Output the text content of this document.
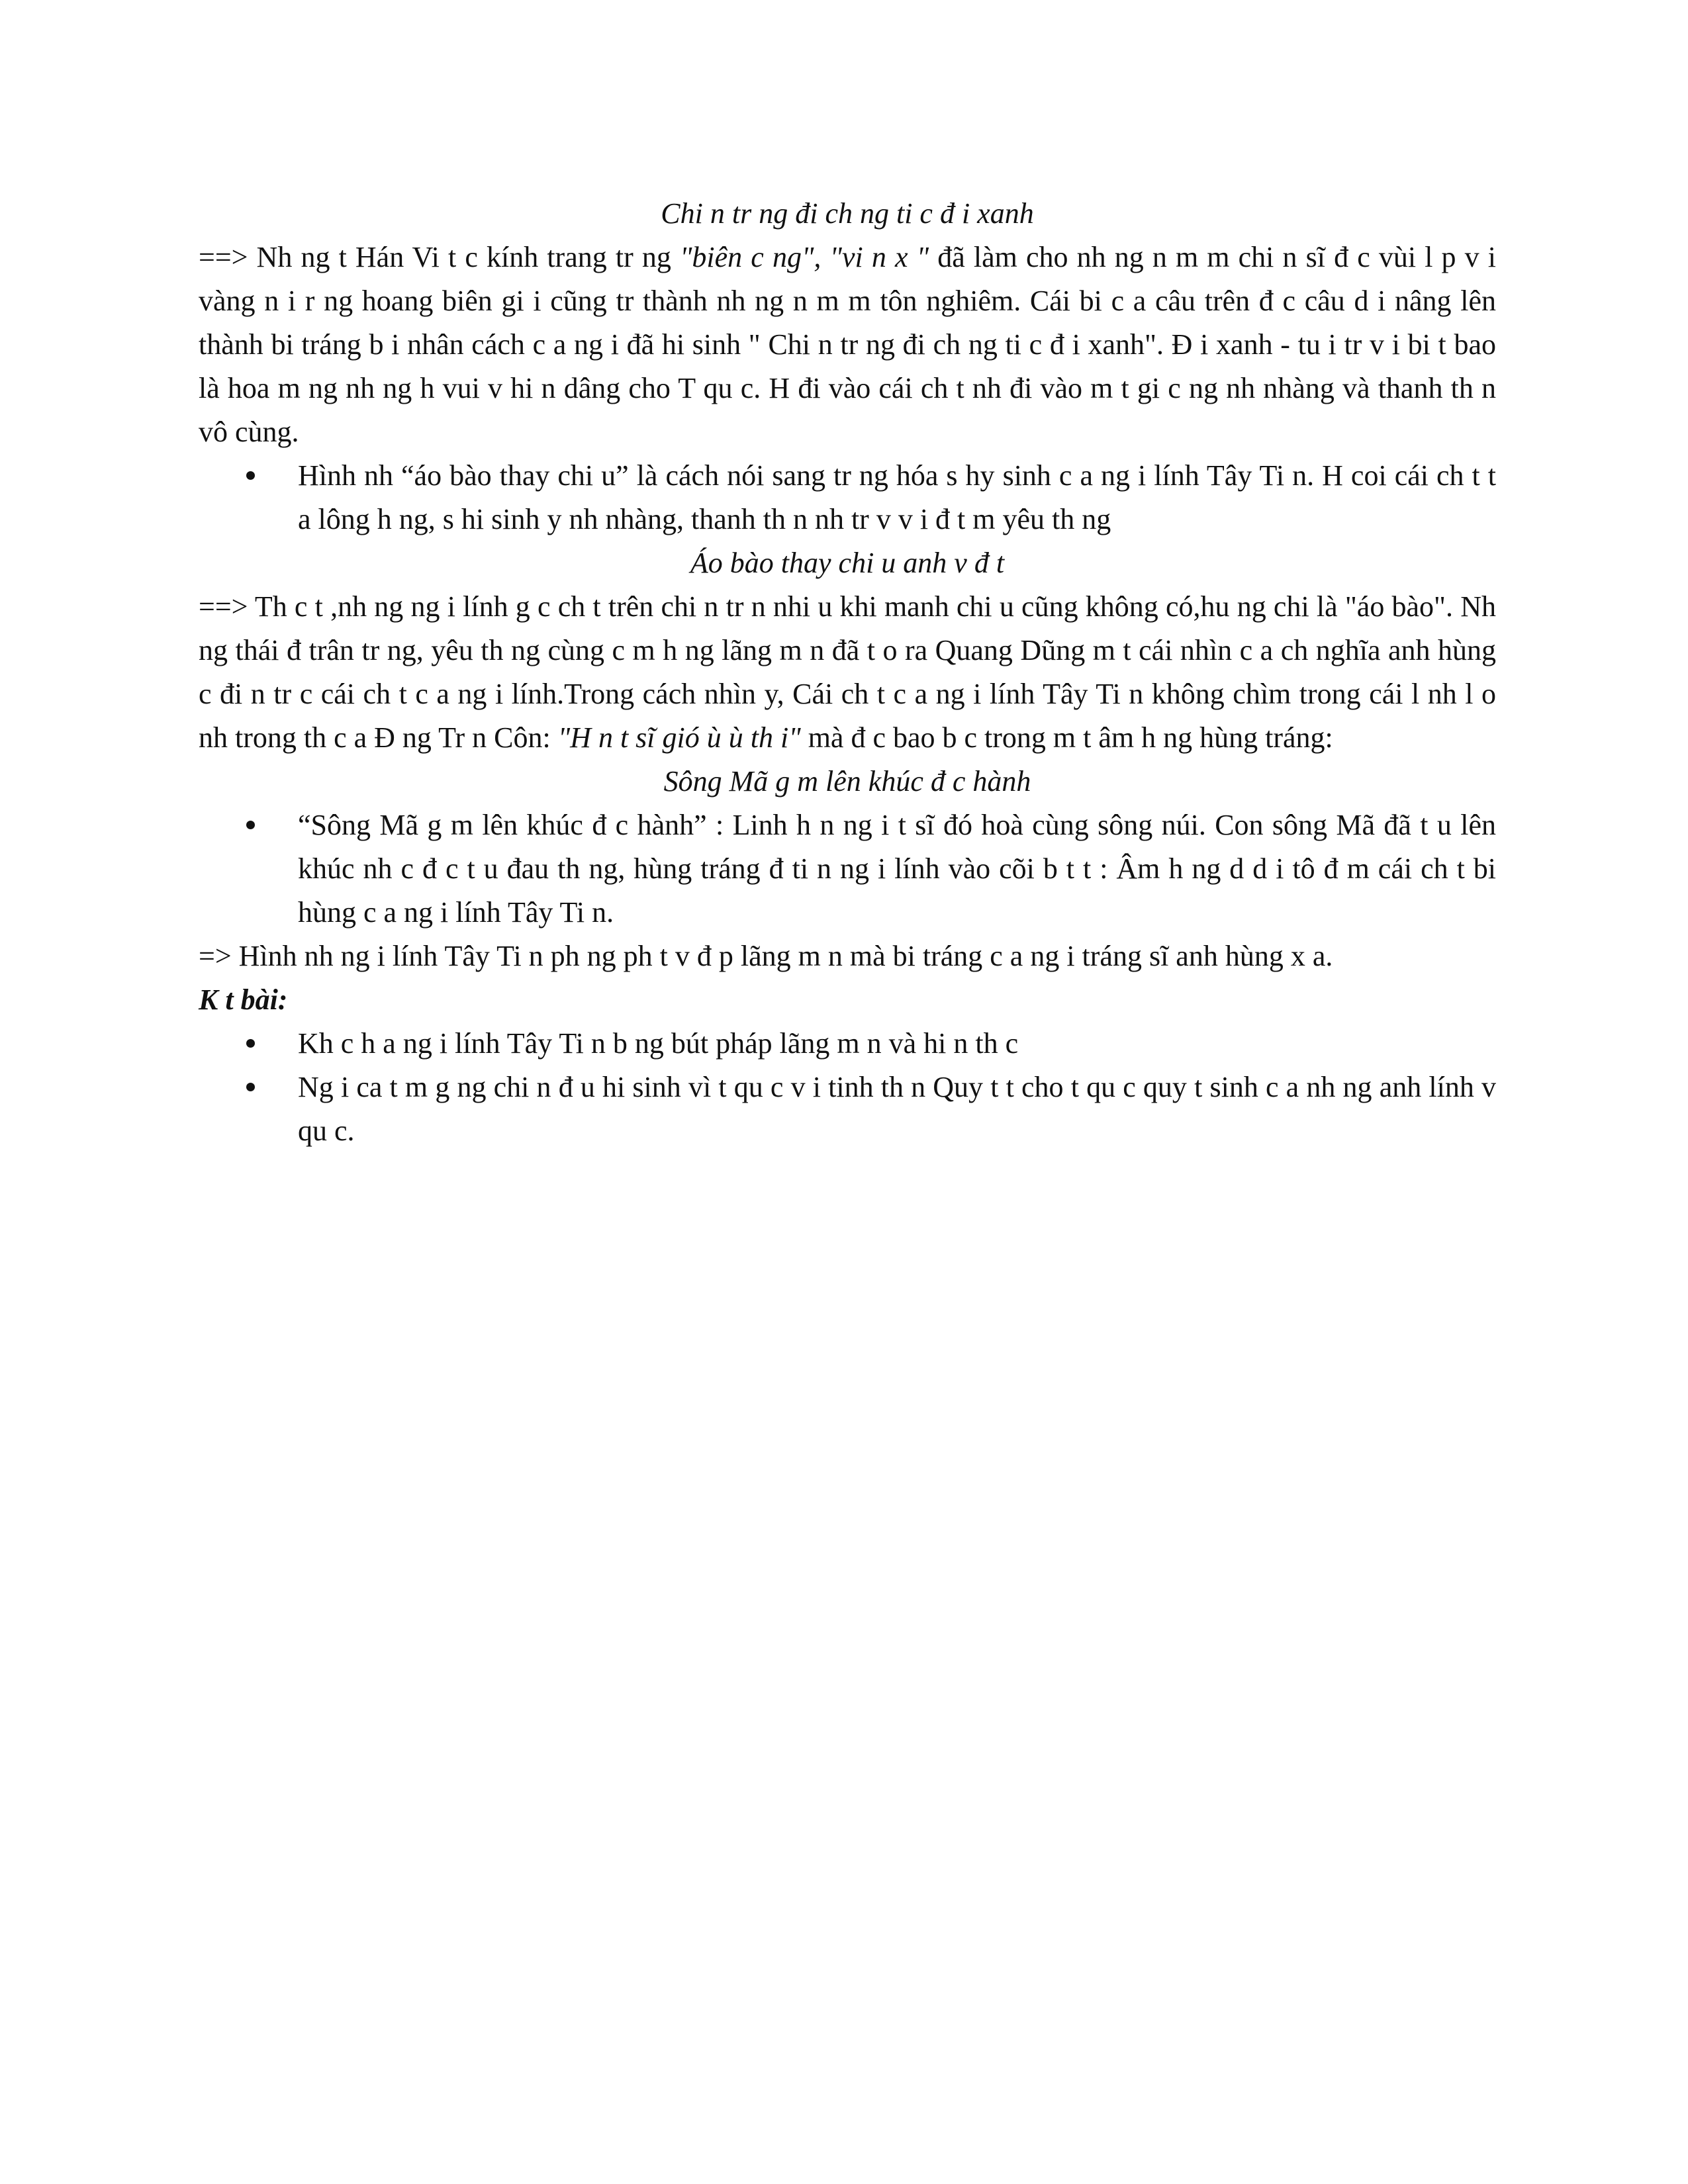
Chi n tr ng đi ch ng ti c đ i xanh

==> Nh ng t Hán Vi t c kính trang tr ng "biên c ng", "vi n x " đã làm cho nh ng n m m chi n sĩ đ c vùi l p v i vàng n i r ng hoang biên gi i cũng tr thành nh ng n m m tôn nghiêm. Cái bi c a câu trên đ c câu d i nâng lên thành bi tráng b i nhân cách c a ng i đã hi sinh " Chi n tr ng đi ch ng ti c đ i xanh". Đ i xanh - tu i tr v i bi t bao là hoa m ng nh ng h vui v hi n dâng cho T qu c. H đi vào cái ch t nh đi vào m t gi c ng nh nhàng và thanh th n vô cùng.

Hình nh “áo bào thay chi u” là cách nói sang tr ng hóa s hy sinh c a ng i lính Tây Ti n. H coi cái ch t t a lông h ng, s hi sinh y nh nhàng, thanh th n nh tr v v i đ t m yêu th ng

Áo bào thay chi u anh v đ t

==> Th c t ,nh ng ng i lính g c ch t trên chi n tr n nhi u khi manh chi u cũng không có,hu ng chi là "áo bào". Nh ng thái đ trân tr ng, yêu th ng cùng c m h ng lãng m n đã t o ra Quang Dũng m t cái nhìn c a ch nghĩa anh hùng c đi n tr c cái ch t c a ng i lính.Trong cách nhìn y, Cái ch t c a ng i lính Tây Ti n không chìm trong cái l nh l o nh trong th c a Đ ng Tr n Côn: "H n t sĩ gió ù ù th i" mà đ c bao b c trong m t âm h ng hùng tráng:

Sông Mã g m lên khúc đ c hành

“Sông Mã g m lên khúc đ c hành” : Linh h n ng i t sĩ đó hoà cùng sông núi. Con sông Mã đã t u lên khúc nh c đ c t u đau th ng, hùng tráng đ ti n ng i lính vào cõi b t t : Âm h ng d d i tô đ m cái ch t bi hùng c a ng i lính Tây Ti n.

=> Hình nh ng i lính Tây Ti n ph ng ph t v đ p lãng m n mà bi tráng c a ng i tráng sĩ anh hùng x a.

K t bài:

Kh c h a ng i lính Tây Ti n b ng bút pháp lãng m n và hi n th c
Ng i ca t m g ng chi n đ u hi sinh vì t qu c v i tinh th n Quy t t cho t qu c quy t sinh c a nh ng anh lính v qu c.
